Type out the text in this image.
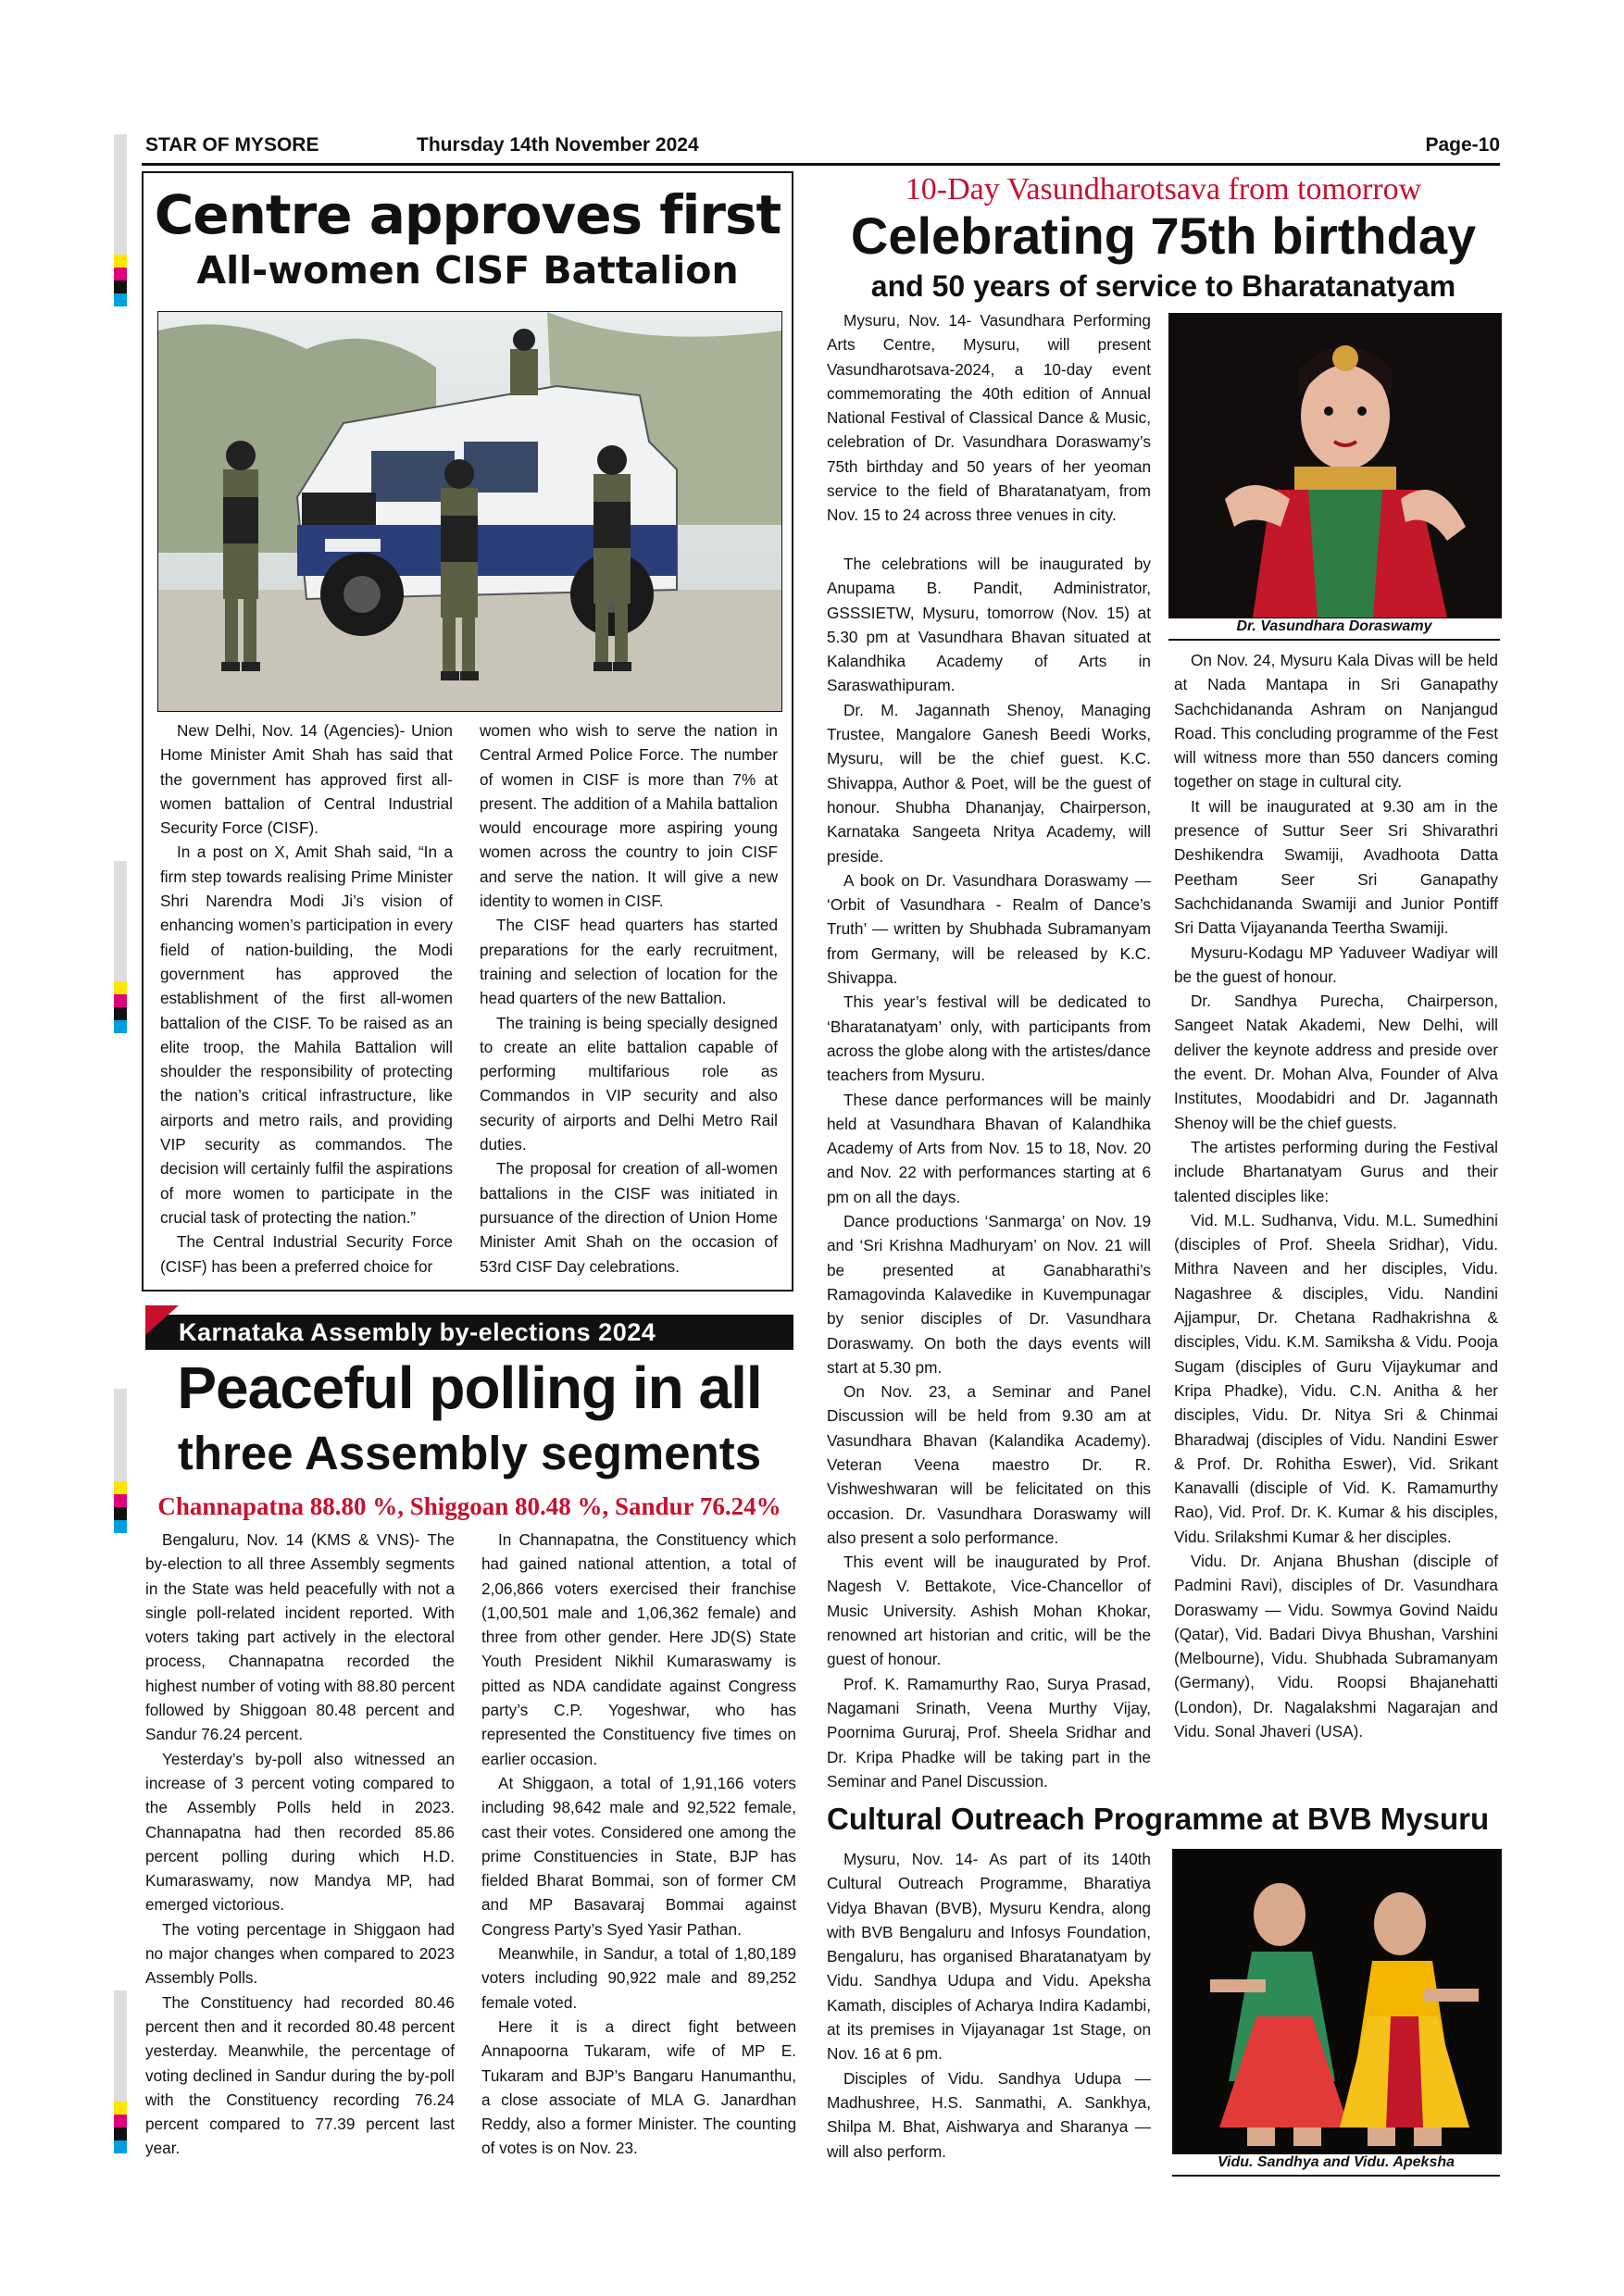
STAR OF MYSORE	Thursday 14th November 2024	Page-10
Centre approves first
All-women CISF Battalion

New Delhi, Nov. 14 (Agencies)- Union Home Minister Amit Shah has said that the government has approved first all-women battalion of Central Industrial Security Force (CISF).

In a post on X, Amit Shah said, “In a firm step towards realising Prime Minister Shri Narendra Modi Ji’s vision of enhancing women’s participation in every field of nation-building, the Modi government has approved the establishment of the first all-women battalion of the CISF. To be raised as an elite troop, the Mahila Battalion will shoulder the responsibility of protecting the nation’s critical infrastructure, like airports and metro rails, and providing VIP security as commandos. The decision will certainly fulfil the aspirations of more women to participate in the crucial task of protecting the nation.”

The Central Industrial Security Force (CISF) has been a preferred choice for

women who wish to serve the nation in Central Armed Police Force. The number of women in CISF is more than 7% at present. The addition of a Mahila battalion would encourage more aspiring young women across the country to join CISF and serve the nation. It will give a new identity to women in CISF.

The CISF head quarters has started preparations for the early recruitment, training and selection of location for the head quarters of the new Battalion.

The training is being specially designed to create an elite battalion capable of performing multifarious role as Commandos in VIP security and also security of airports and Delhi Metro Rail duties.

The proposal for creation of all-women battalions in the CISF was initiated in pursuance of the direction of Union Home Minister Amit Shah on the occasion of 53rd CISF Day celebrations.

Karnataka Assembly by-elections 2024
Peaceful polling in all
three Assembly segments
Channapatna 88.80 %, Shiggoan 80.48 %, Sandur 76.24%

Bengaluru, Nov. 14 (KMS & VNS)- The by-election to all three Assembly segments in the State was held peacefully with not a single poll-related incident reported. With voters taking part actively in the electoral process, Channapatna recorded the highest number of voting with 88.80 percent followed by Shiggoan 80.48 percent and Sandur 76.24 percent.

Yesterday’s by-poll also witnessed an increase of 3 percent voting compared to the Assembly Polls held in 2023. Channapatna had then recorded 85.86 percent polling during which H.D. Kumaraswamy, now Mandya MP, had emerged victorious.

The voting percentage in Shiggaon had no major changes when compared to 2023 Assembly Polls.

The Constituency had recorded 80.46 percent then and it recorded 80.48 percent yesterday. Meanwhile, the percentage of voting declined in Sandur during the by-poll with the Constituency recording 76.24 percent compared to 77.39 percent last year.

In Channapatna, the Constituency which had gained national attention, a total of 2,06,866 voters exercised their franchise (1,00,501 male and 1,06,362 female) and three from other gender. Here JD(S) State Youth President Nikhil Kumaraswamy is pitted as NDA candidate against Congress party’s C.P. Yogeshwar, who has represented the Constituency five times on earlier occasion.

At Shiggaon, a total of 1,91,166 voters including 98,642 male and 92,522 female, cast their votes. Considered one among the prime Constituencies in State, BJP has fielded Bharat Bommai, son of former CM and MP Basavaraj Bommai against Congress Party’s Syed Yasir Pathan.

Meanwhile, in Sandur, a total of 1,80,189 voters including 90,922 male and 89,252 female voted.

Here it is a direct fight between Annapoorna Tukaram, wife of MP E. Tukaram and BJP’s Bangaru Hanumanthu, a close associate of MLA G. Janardhan Reddy, also a former Minister. The counting of votes is on Nov. 23.

10-Day Vasundharotsava from tomorrow
Celebrating 75th birthday
and 50 years of service to Bharatanatyam

Mysuru, Nov. 14- Vasundhara Performing Arts Centre, Mysuru, will present Vasundharotsava-2024, a 10-day event commemorating the 40th edition of Annual National Festival of Classical Dance & Music, celebration of Dr. Vasundhara Doraswamy’s 75th birthday and 50 years of her yeoman service to the field of Bharatanatyam, from Nov. 15 to 24 across three venues in city.

Dr. Vasundhara Doraswamy

The celebrations will be inaugurated by Anupama B. Pandit, Administrator, GSSSIETW, Mysuru, tomorrow (Nov. 15) at 5.30 pm at Vasundhara Bhavan situated at Kalandhika Academy of Arts in Saraswathipuram.

Dr. M. Jagannath Shenoy, Managing Trustee, Mangalore Ganesh Beedi Works, Mysuru, will be the chief guest. K.C. Shivappa, Author & Poet, will be the guest of honour. Shubha Dhananjay, Chairperson, Karnataka Sangeeta Nritya Academy, will preside.

A book on Dr. Vasundhara Doraswamy — ‘Orbit of Vasundhara - Realm of Dance’s Truth’ — written by Shubhada Subramanyam from Germany, will be released by K.C. Shivappa.

This year’s festival will be dedicated to ‘Bharatanatyam’ only, with participants from across the globe along with the artistes/dance teachers from Mysuru.

These dance performances will be mainly held at Vasundhara Bhavan of Kalandhika Academy of Arts from Nov. 15 to 18, Nov. 20 and Nov. 22 with performances starting at 6 pm on all the days.

Dance productions ‘Sanmarga’ on Nov. 19 and ‘Sri Krishna Madhuryam’ on Nov. 21 will be presented at Ganabharathi’s Ramagovinda Kalavedike in Kuvempunagar by senior disciples of Dr. Vasundhara Doraswamy. On both the days events will start at 5.30 pm.

On Nov. 23, a Seminar and Panel Discussion will be held from 9.30 am at Vasundhara Bhavan (Kalandika Academy). Veteran Veena maestro Dr. R. Vishweshwaran will be felicitated on this occasion. Dr. Vasundhara Doraswamy will also present a solo performance.

This event will be inaugurated by Prof. Nagesh V. Bettakote, Vice-Chancellor of Music University. Ashish Mohan Khokar, renowned art historian and critic, will be the guest of honour.

Prof. K. Ramamurthy Rao, Surya Prasad, Nagamani Srinath, Veena Murthy Vijay, Poornima Gururaj, Prof. Sheela Sridhar and Dr. Kripa Phadke will be taking part in the Seminar and Panel Discussion.

On Nov. 24, Mysuru Kala Divas will be held at Nada Mantapa in Sri Ganapathy Sachchidananda Ashram on Nanjangud Road. This concluding programme of the Fest will witness more than 550 dancers coming together on stage in cultural city.

It will be inaugurated at 9.30 am in the presence of Suttur Seer Sri Shivarathri Deshikendra Swamiji, Avadhoota Datta Peetham Seer Sri Ganapathy Sachchidananda Swamiji and Junior Pontiff Sri Datta Vijayananda Teertha Swamiji.

Mysuru-Kodagu MP Yaduveer Wadiyar will be the guest of honour.

Dr. Sandhya Purecha, Chairperson, Sangeet Natak Akademi, New Delhi, will deliver the keynote address and preside over the event. Dr. Mohan Alva, Founder of Alva Institutes, Moodabidri and Dr. Jagannath Shenoy will be the chief guests.

The artistes performing during the Festival include Bhartanatyam Gurus and their talented disciples like:

Vid. M.L. Sudhanva, Vidu. M.L. Sumedhini (disciples of Prof. Sheela Sridhar), Vidu. Mithra Naveen and her disciples, Vidu. Nagashree & disciples, Vidu. Nandini Ajjampur, Dr. Chetana Radhakrishna & disciples, Vidu. K.M. Samiksha & Vidu. Pooja Sugam (disciples of Guru Vijaykumar and Kripa Phadke), Vidu. C.N. Anitha & her disciples, Vidu. Dr. Nitya Sri & Chinmai Bharadwaj (disciples of Vidu. Nandini Eswer & Prof. Dr. Rohitha Eswer), Vid. Srikant Kanavalli (disciple of Vid. K. Ramamurthy Rao), Vid. Prof. Dr. K. Kumar & his disciples, Vidu. Srilakshmi Kumar & her disciples.

Vidu. Dr. Anjana Bhushan (disciple of Padmini Ravi), disciples of Dr. Vasundhara Doraswamy — Vidu. Sowmya Govind Naidu (Qatar), Vid. Badari Divya Bhushan, Varshini (Melbourne), Vidu. Shubhada Subramanyam (Germany), Vidu. Roopsi Bhajanehatti (London), Dr. Nagalakshmi Nagarajan and Vidu. Sonal Jhaveri (USA).

Cultural Outreach Programme at BVB Mysuru

Mysuru, Nov. 14- As part of its 140th Cultural Outreach Programme, Bharatiya Vidya Bhavan (BVB), Mysuru Kendra, along with BVB Bengaluru and Infosys Foundation, Bengaluru, has organised Bharatanatyam by Vidu. Sandhya Udupa and Vidu. Apeksha Kamath, disciples of Acharya Indira Kadambi, at its premises in Vijayanagar 1st Stage, on Nov. 16 at 6 pm.

Disciples of Vidu. Sandhya Udupa — Madhushree, H.S. Sanmathi, A. Sankhya, Shilpa M. Bhat, Aishwarya and Sharanya — will also perform.

Vidu. Sandhya and Vidu. Apeksha
